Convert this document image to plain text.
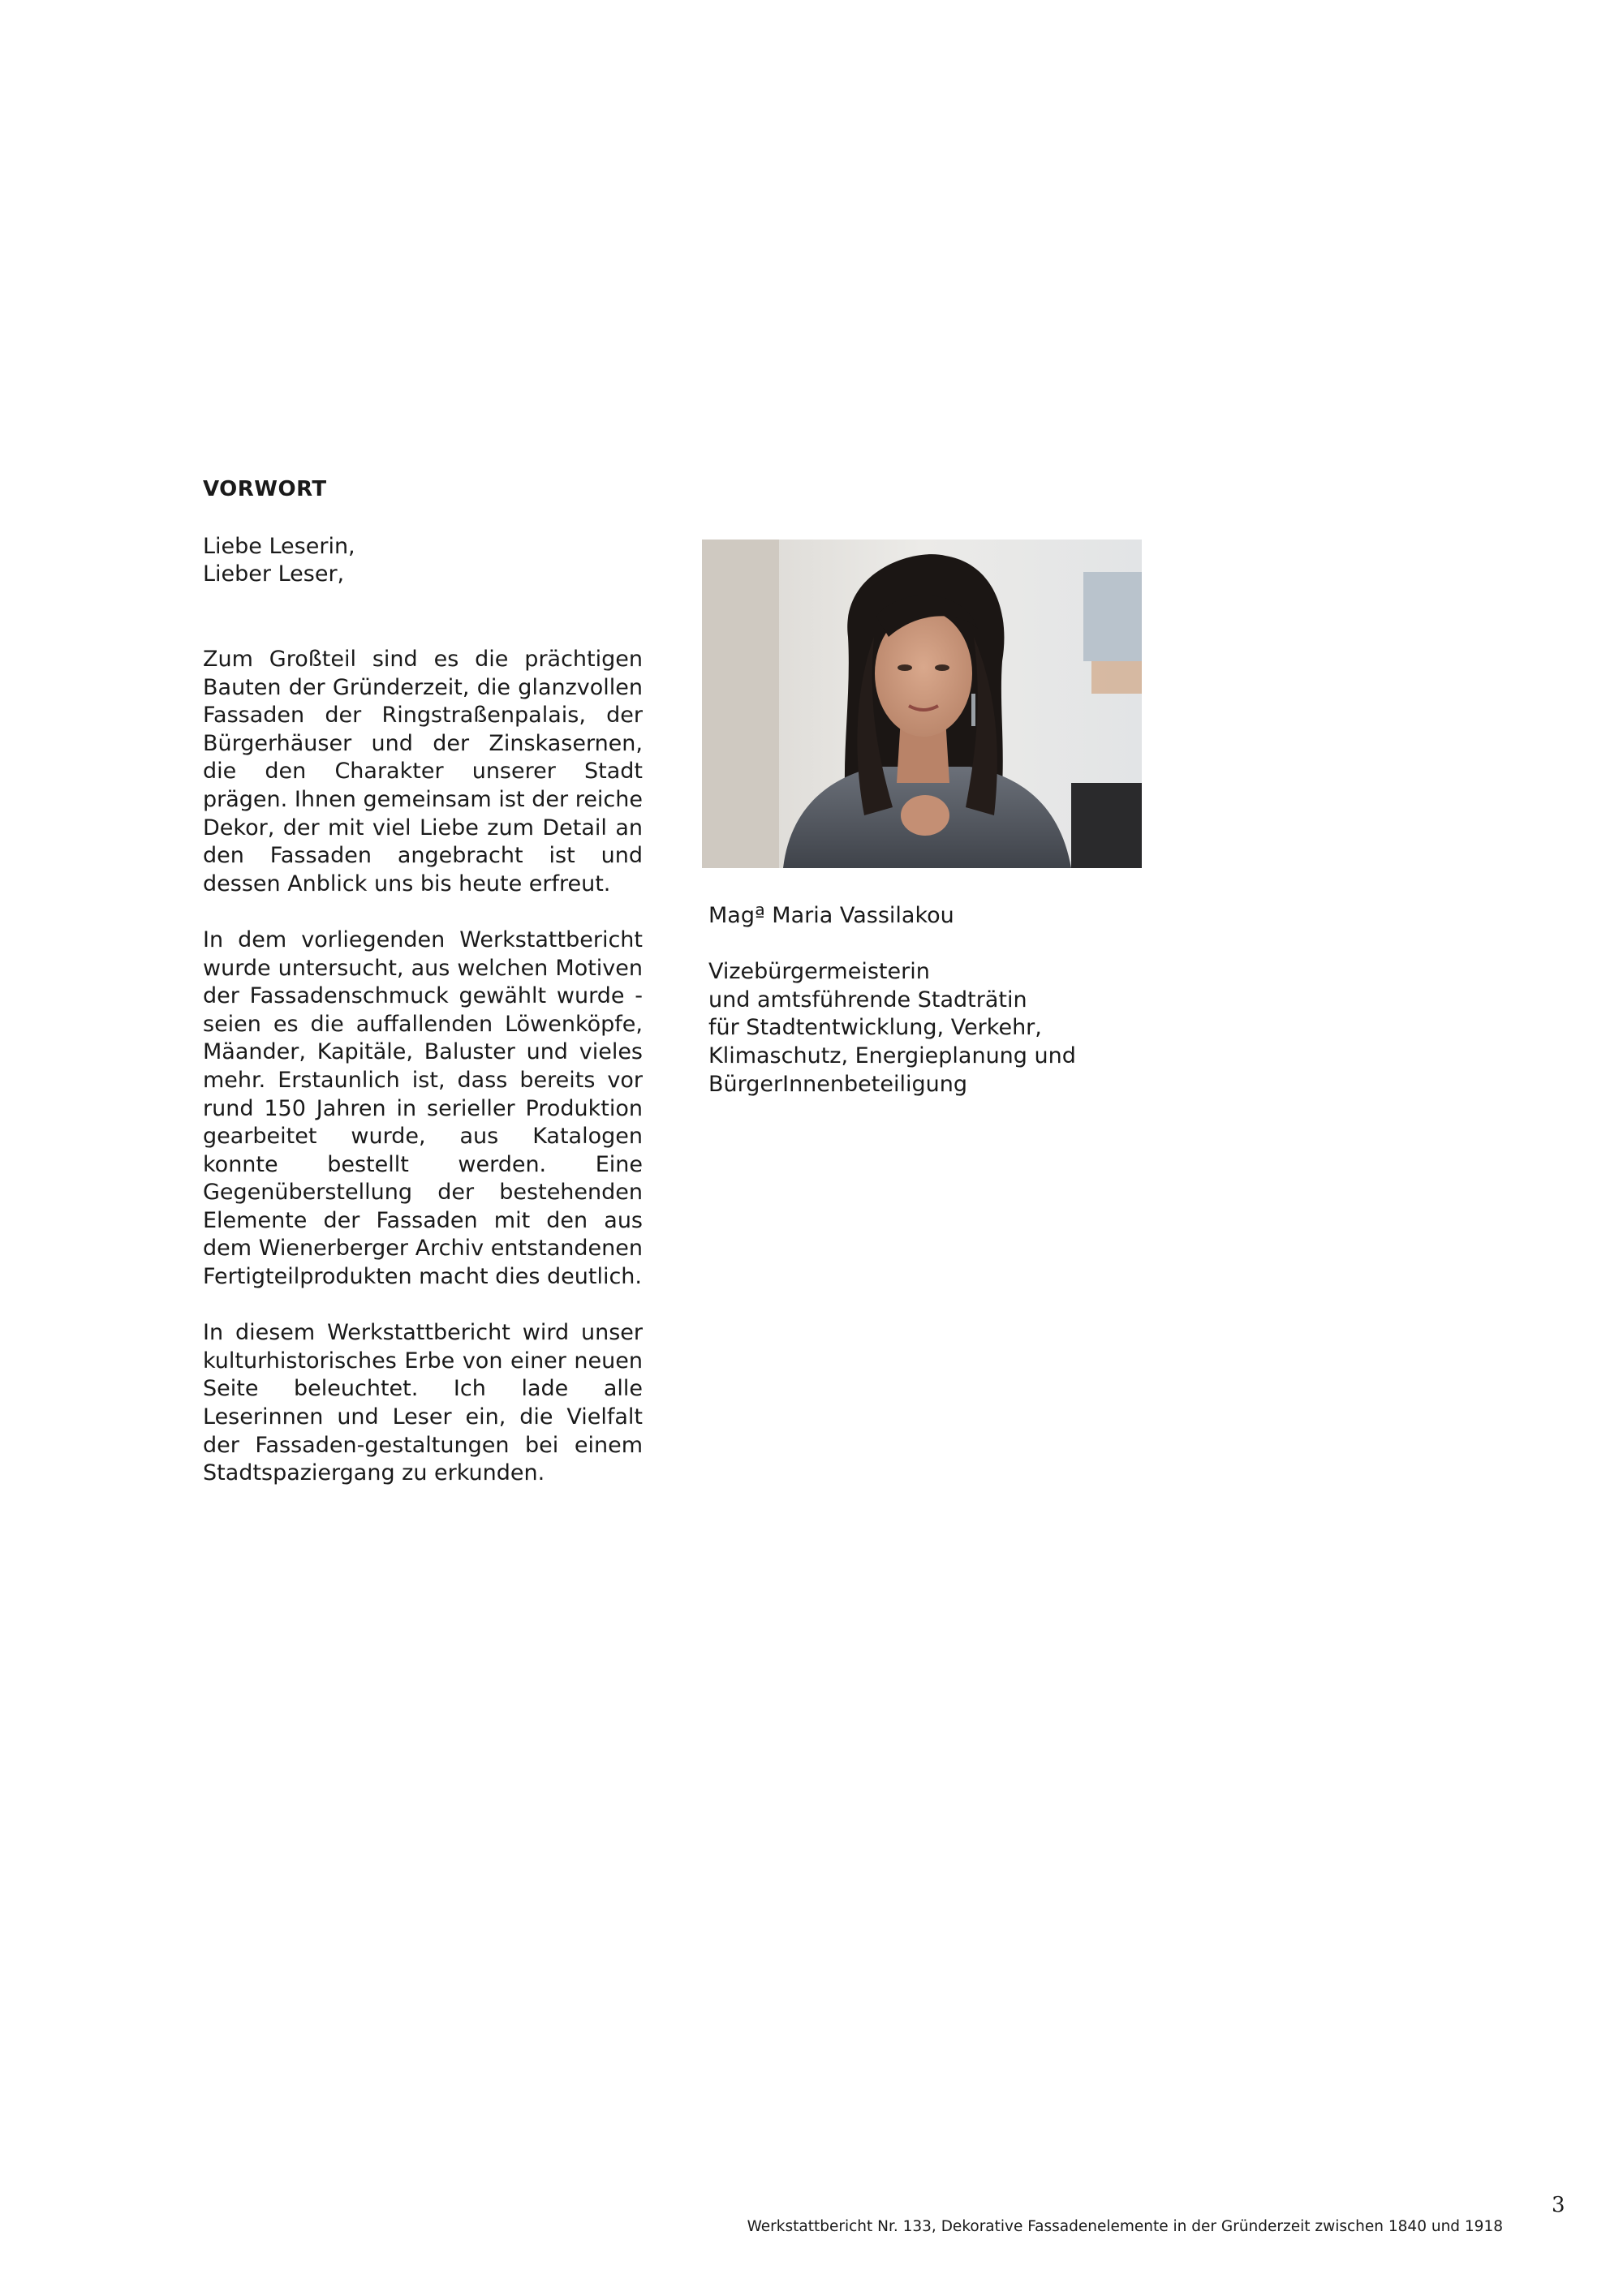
VORWORT
Liebe Leserin,
Lieber Leser,

Zum Großteil sind es die prächtigen Bauten der Gründerzeit, die glanzvollen Fassaden der Ringstraßenpalais, der Bürgerhäuser und der Zinskasernen, die den Charakter unserer Stadt prägen. Ihnen gemeinsam ist der reiche Dekor, der mit viel Liebe zum Detail an den Fassaden angebracht ist und dessen Anblick uns bis heute erfreut.

In dem vorliegenden Werkstattbericht wurde untersucht, aus welchen Motiven der Fassadenschmuck gewählt wurde - seien es die auffallenden Löwenköpfe, Mäander, Kapitäle, Baluster und vieles mehr. Erstaunlich ist, dass bereits vor rund 150 Jahren in serieller Produktion gearbeitet wurde, aus Katalogen konnte bestellt werden. Eine Gegenüberstellung der bestehenden Elemente der Fassaden mit den aus dem Wienerberger Archiv entstandenen Fertigteilprodukten macht dies deutlich.

In diesem Werkstattbericht wird unser kulturhistorisches Erbe von einer neuen Seite beleuchtet. Ich lade alle Leserinnen und Leser ein, die Vielfalt der Fassaden-gestaltungen bei einem Stadtspaziergang zu erkunden.

Magª Maria Vassilakou
Vizebürgermeisterin
und amtsführende Stadträtin
für Stadtentwicklung, Verkehr,
Klimaschutz, Energieplanung und
BürgerInnenbeteiligung
3
Werkstattbericht Nr. 133, Dekorative Fassadenelemente in der Gründerzeit zwischen 1840 und 1918
